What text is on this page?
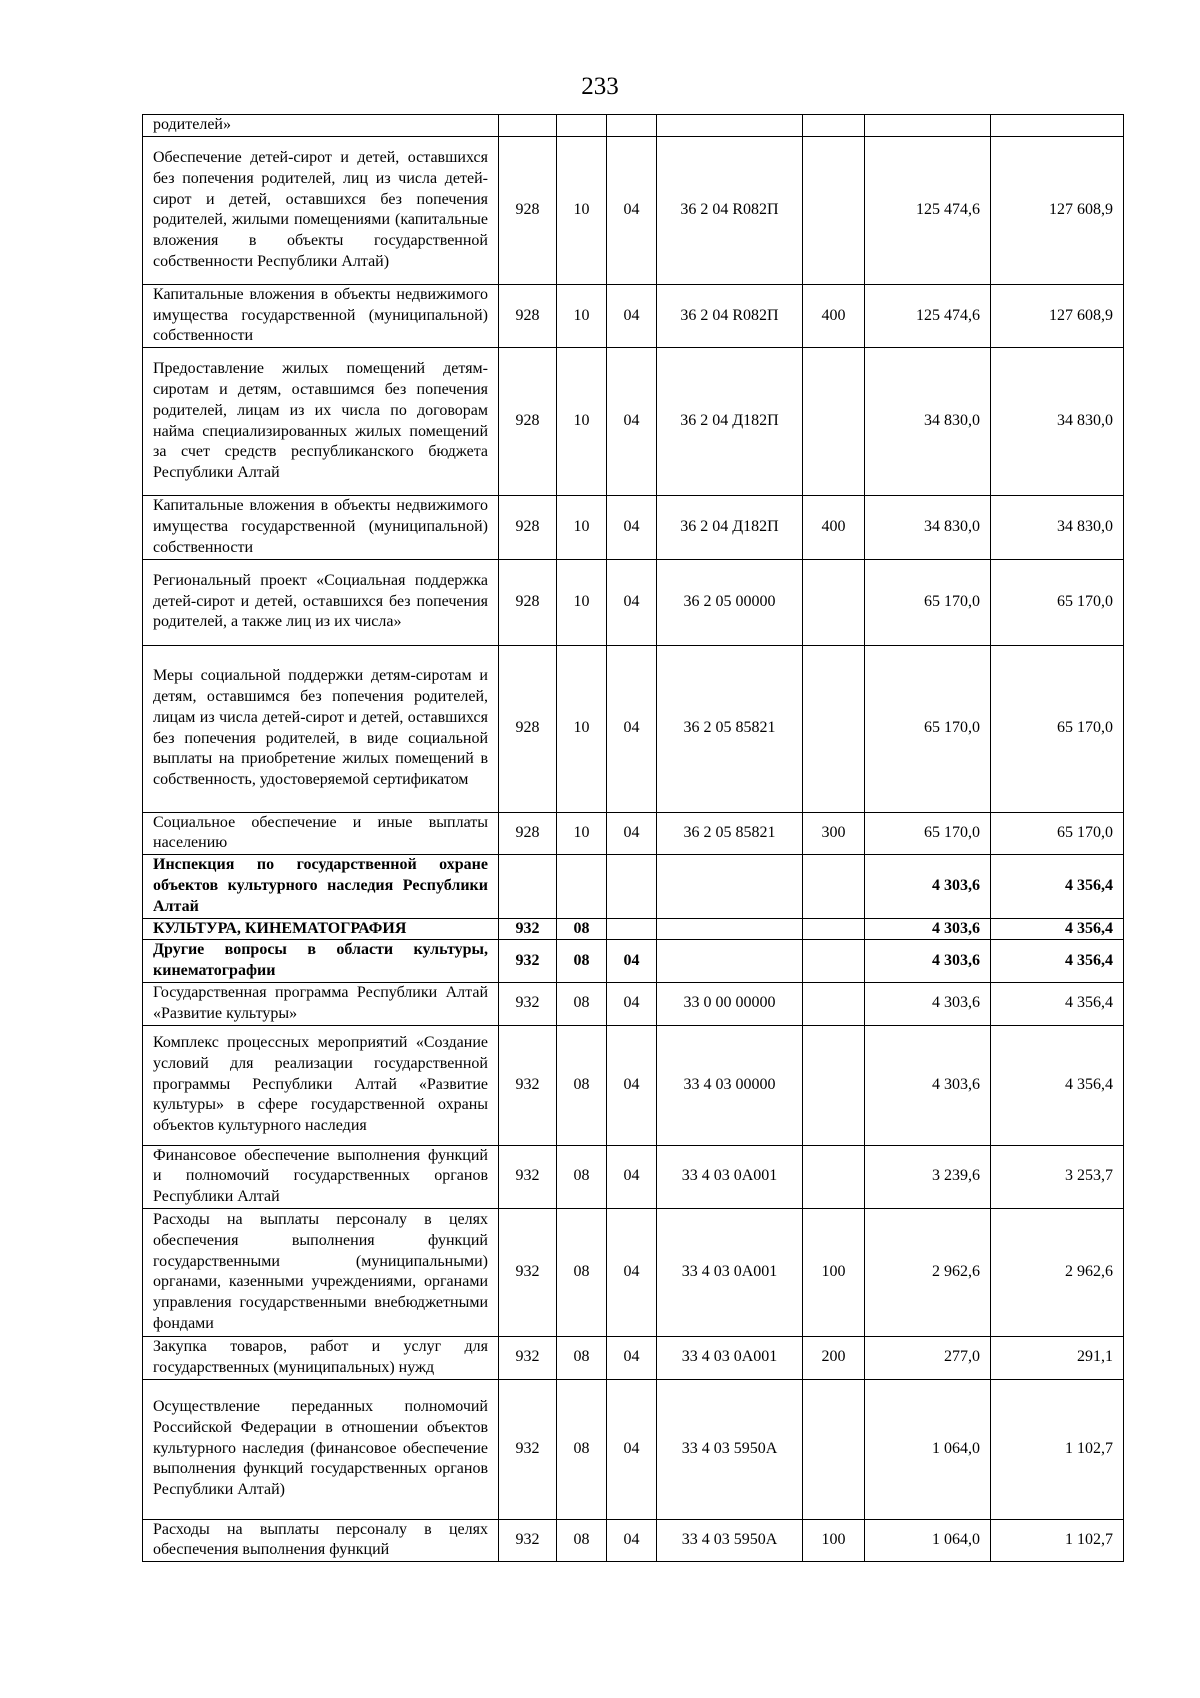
233
родителей»							
Обеспечение детей-сирот и детей, оставшихся без попечения родителей, лиц из числа детей-сирот и детей, оставшихся без попечения родителей, жилыми помещениями (капитальные вложения в объекты государственной собственности Республики Алтай)	928	10	04	36 2 04 R082П		125 474,6	127 608,9
Капитальные вложения в объекты недвижимого имущества государственной (муниципальной) собственности	928	10	04	36 2 04 R082П	400	125 474,6	127 608,9
Предоставление жилых помещений детям-сиротам и детям, оставшимся без попечения родителей, лицам из их числа по договорам найма специализированных жилых помещений за счет средств республиканского бюджета Республики Алтай	928	10	04	36 2 04 Д182П		34 830,0	34 830,0
Капитальные вложения в объекты недвижимого имущества государственной (муниципальной) собственности	928	10	04	36 2 04 Д182П	400	34 830,0	34 830,0
Региональный проект «Социальная поддержка детей-сирот и детей, оставшихся без попечения родителей, а также лиц из их числа»	928	10	04	36 2 05 00000		65 170,0	65 170,0
Меры социальной поддержки детям-сиротам и детям, оставшимся без попечения родителей, лицам из числа детей-сирот и детей, оставшихся без попечения родителей, в виде социальной выплаты на приобретение жилых помещений в собственность, удостоверяемой сертификатом	928	10	04	36 2 05 85821		65 170,0	65 170,0
Социальное обеспечение и иные выплаты населению	928	10	04	36 2 05 85821	300	65 170,0	65 170,0
Инспекция по государственной охране объектов культурного наследия Республики Алтай						4 303,6	4 356,4
КУЛЬТУРА, КИНЕМАТОГРАФИЯ	932	08				4 303,6	4 356,4
Другие вопросы в области культуры, кинематографии	932	08	04			4 303,6	4 356,4
Государственная программа Республики Алтай «Развитие культуры»	932	08	04	33 0 00 00000		4 303,6	4 356,4
Комплекс процессных мероприятий «Создание условий для реализации государственной программы Республики Алтай «Развитие культуры» в сфере государственной охраны объектов культурного наследия	932	08	04	33 4 03 00000		4 303,6	4 356,4
Финансовое обеспечение выполнения функций и полномочий государственных органов Республики Алтай	932	08	04	33 4 03 0А001		3 239,6	3 253,7
Расходы на выплаты персоналу в целях обеспечения выполнения функций государственными (муниципальными) органами, казенными учреждениями, органами управления государственными внебюджетными фондами	932	08	04	33 4 03 0А001	100	2 962,6	2 962,6
Закупка товаров, работ и услуг для государственных (муниципальных) нужд	932	08	04	33 4 03 0А001	200	277,0	291,1
Осуществление переданных полномочий Российской Федерации в отношении объектов культурного наследия (финансовое обеспечение выполнения функций государственных органов Республики Алтай)	932	08	04	33 4 03 5950А		1 064,0	1 102,7
Расходы на выплаты персоналу в целях обеспечения выполнения функций	932	08	04	33 4 03 5950А	100	1 064,0	1 102,7
